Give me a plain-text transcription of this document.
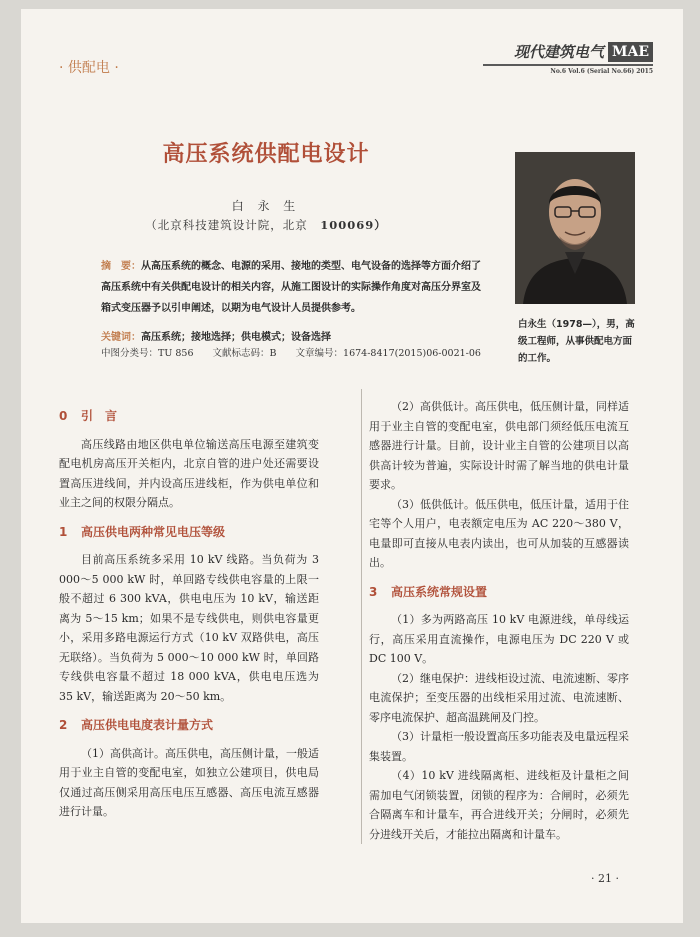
· 供配电 ·
现代建筑电气 MAE
No.6 Vol.6 (Serial No.66) 2015
高压系统供配电设计
白 永 生
（北京科技建筑设计院，北京　 100069）
摘　要：从高压系统的概念、电源的采用、接地的类型、电气设备的选择等方面介绍了高压系统中有关供配电设计的相关内容，从施工图设计的实际操作角度对高压分界室及箱式变压器予以引申阐述，以期为电气设计人员提供参考。
关键词：高压系统；接地选择；供电模式；设备选择
中图分类号：TU 856 文献标志码：B 文章编号：1674-8417(2015)06-0021-06
白永生（1978—），男，高级工程师，从事供配电方面的工作。
0 引　言

高压线路由地区供电单位输送高压电源至建筑变配电机房高压开关柜内，北京自管的进户处还需要设置高压进线间，并内设高压进线柜，作为供电单位和业主之间的权限分隔点。

1 高压供电两种常见电压等级

目前高压系统多采用 10 kV 线路。当负荷为 3 000～5 000 kW 时，单回路专线供电容量的上限一般不超过 6 300 kVA，供电电压为 10 kV，输送距离为 5～15 km；如果不是专线供电，则供电容量更小，采用多路电源运行方式（10 kV 双路供电，高压无联络）。当负荷为 5 000～10 000 kW 时，单回路专线供电容量不超过 18 000 kVA，供电电压选为 35 kV，输送距离为 20～50 km。

2 高压供电电度表计量方式

（1）高供高计。高压供电，高压侧计量，一般适用于业主自管的变配电室，如独立公建项目，供电局仅通过高压侧采用高压电压互感器、高压电流互感器进行计量。

（2）高供低计。高压供电，低压侧计量，同样适用于业主自管的变配电室，供电部门须经低压电流互感器进行计量。目前，设计业主自管的公建项目以高供高计较为普遍，实际设计时需了解当地的供电计量要求。

（3）低供低计。低压供电，低压计量，适用于住宅等个人用户，电表额定电压为 AC 220～380 V，电量即可直接从电表内读出，也可从加装的互感器读出。

3 高压系统常规设置

（1）多为两路高压 10 kV 电源进线，单母线运行，高压采用直流操作，电源电压为 DC 220 V 或 DC 100 V。

（2）继电保护：进线柜设过流、电流速断、零序电流保护；至变压器的出线柜采用过流、电流速断、零序电流保护、超高温跳闸及门控。

（3）计量柜一般设置高压多功能表及电量远程采集装置。

（4）10 kV 进线隔离柜、进线柜及计量柜之间需加电气闭锁装置，闭锁的程序为：合闸时，必须先合隔离车和计量车，再合进线开关；分闸时，必须先分进线开关后，才能拉出隔离和计量车。

· 21 ·
